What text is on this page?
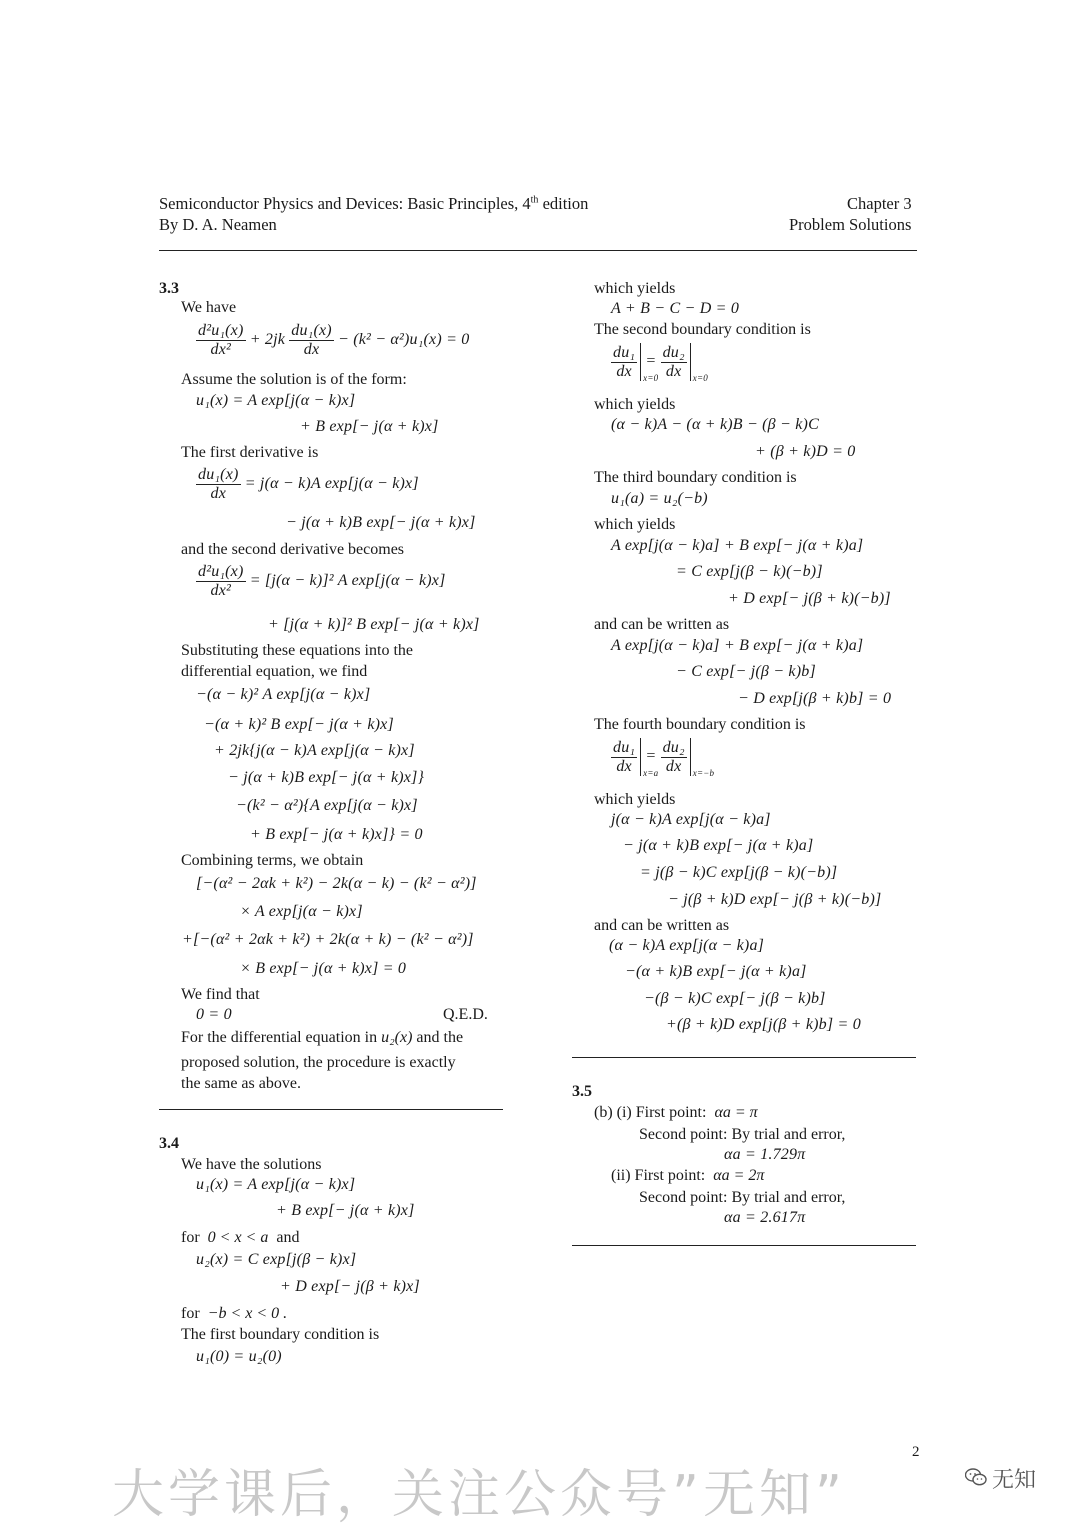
Semiconductor Physics and Devices: Basic Principles, 4th edition
By D. A. Neamen
Chapter 3
Problem Solutions
3.3
We have
$\frac{\text{d²u₁(x)}}{\text{dx²}} + 2jk \frac{\text{du₁(x)}}{dx} - (k^2 - \alpha^2)u_1(x) = 0$
Assume the solution is of the form:
u₁(x) = A exp[j(α − k)x]
+ B exp[− j(α + k)x]
The first derivative is
$\frac{\text{du₁(x)}}{dx} = j(\alpha - k)A$ exp[j(α − k)x]
− j(α + k)B exp[− j(α + k)x]
and the second derivative becomes
$\frac{\text{d²u₁(x)}}{\text{dx²}} = [j(\alpha - k)]^2$ A exp[j(α − k)x]
+ [j(α + k)]² B exp[− j(α + k)x]
Substituting these equations into the
differential equation, we find
−(α − k)² A exp[j(α − k)x]
−(α + k)² B exp[− j(α + k)x]
+ 2jk{j(α − k)A exp[j(α − k)x]
− j(α + k)B exp[− j(α + k)x]}
−(k² − α²){A exp[j(α − k)x]
+ B exp[− j(α + k)x]} = 0
Combining terms, we obtain
[−(α² − 2αk + k²) − 2k(α − k) − (k² − α²)]
× A exp[j(α − k)x]
+[−(α² + 2αk + k²) + 2k(α + k) − (k² − α²)]
× B exp[− j(α + k)x] = 0
We find that
0 = 0	Q.E.D.
For the differential equation in u₂(x) and the
proposed solution, the procedure is exactly
the same as above.
3.4
We have the solutions
u₁(x) = A exp[j(α − k)x]
+ B exp[− j(α + k)x]
for 0 < x < a and
u₂(x) = C exp[j(β − k)x]
+ D exp[− j(β + k)x]
for −b < x < 0 .
The first boundary condition is
u₁(0) = u₂(0)
which yields
A + B − C − D = 0
The second boundary condition is
$\frac{\text{du₁}}{dx} x=0$
= $\frac{\text{du₂}}{dx} x=0$
which yields
(α − k)A − (α + k)B − (β − k)C
+ (β + k)D = 0
The third boundary condition is
u₁(a) = u₂(−b)
which yields
A exp[j(α − k)a] + B exp[− j(α + k)a]
= C exp[j(β − k)(−b)]
+ D exp[− j(β + k)(−b)]
and can be written as
A exp[j(α − k)a] + B exp[− j(α + k)a]
− C exp[− j(β − k)b]
− D exp[j(β + k)b] = 0
The fourth boundary condition is
$\frac{\text{du₁}}{dx} x=a$
= $\frac{\text{du₂}}{dx} x=-b$
which yields
j(α − k)A exp[j(α − k)a]
− j(α + k)B exp[− j(α + k)a]
= j(β − k)C exp[j(β − k)(−b)]
− j(β + k)D exp[− j(β + k)(−b)]
and can be written as
(α − k)A exp[j(α − k)a]
−(α + k)B exp[− j(α + k)a]
−(β − k)C exp[− j(β − k)b]
+(β + k)D exp[j(β + k)b] = 0
3.5
(b) (i) First point: αa = π
Second point: By trial and error,
αa = 1.729π
(ii) First point: αa = 2π
Second point: By trial and error,
αa = 2.617π
2
大学课后，关注公众号”无知”	无知
